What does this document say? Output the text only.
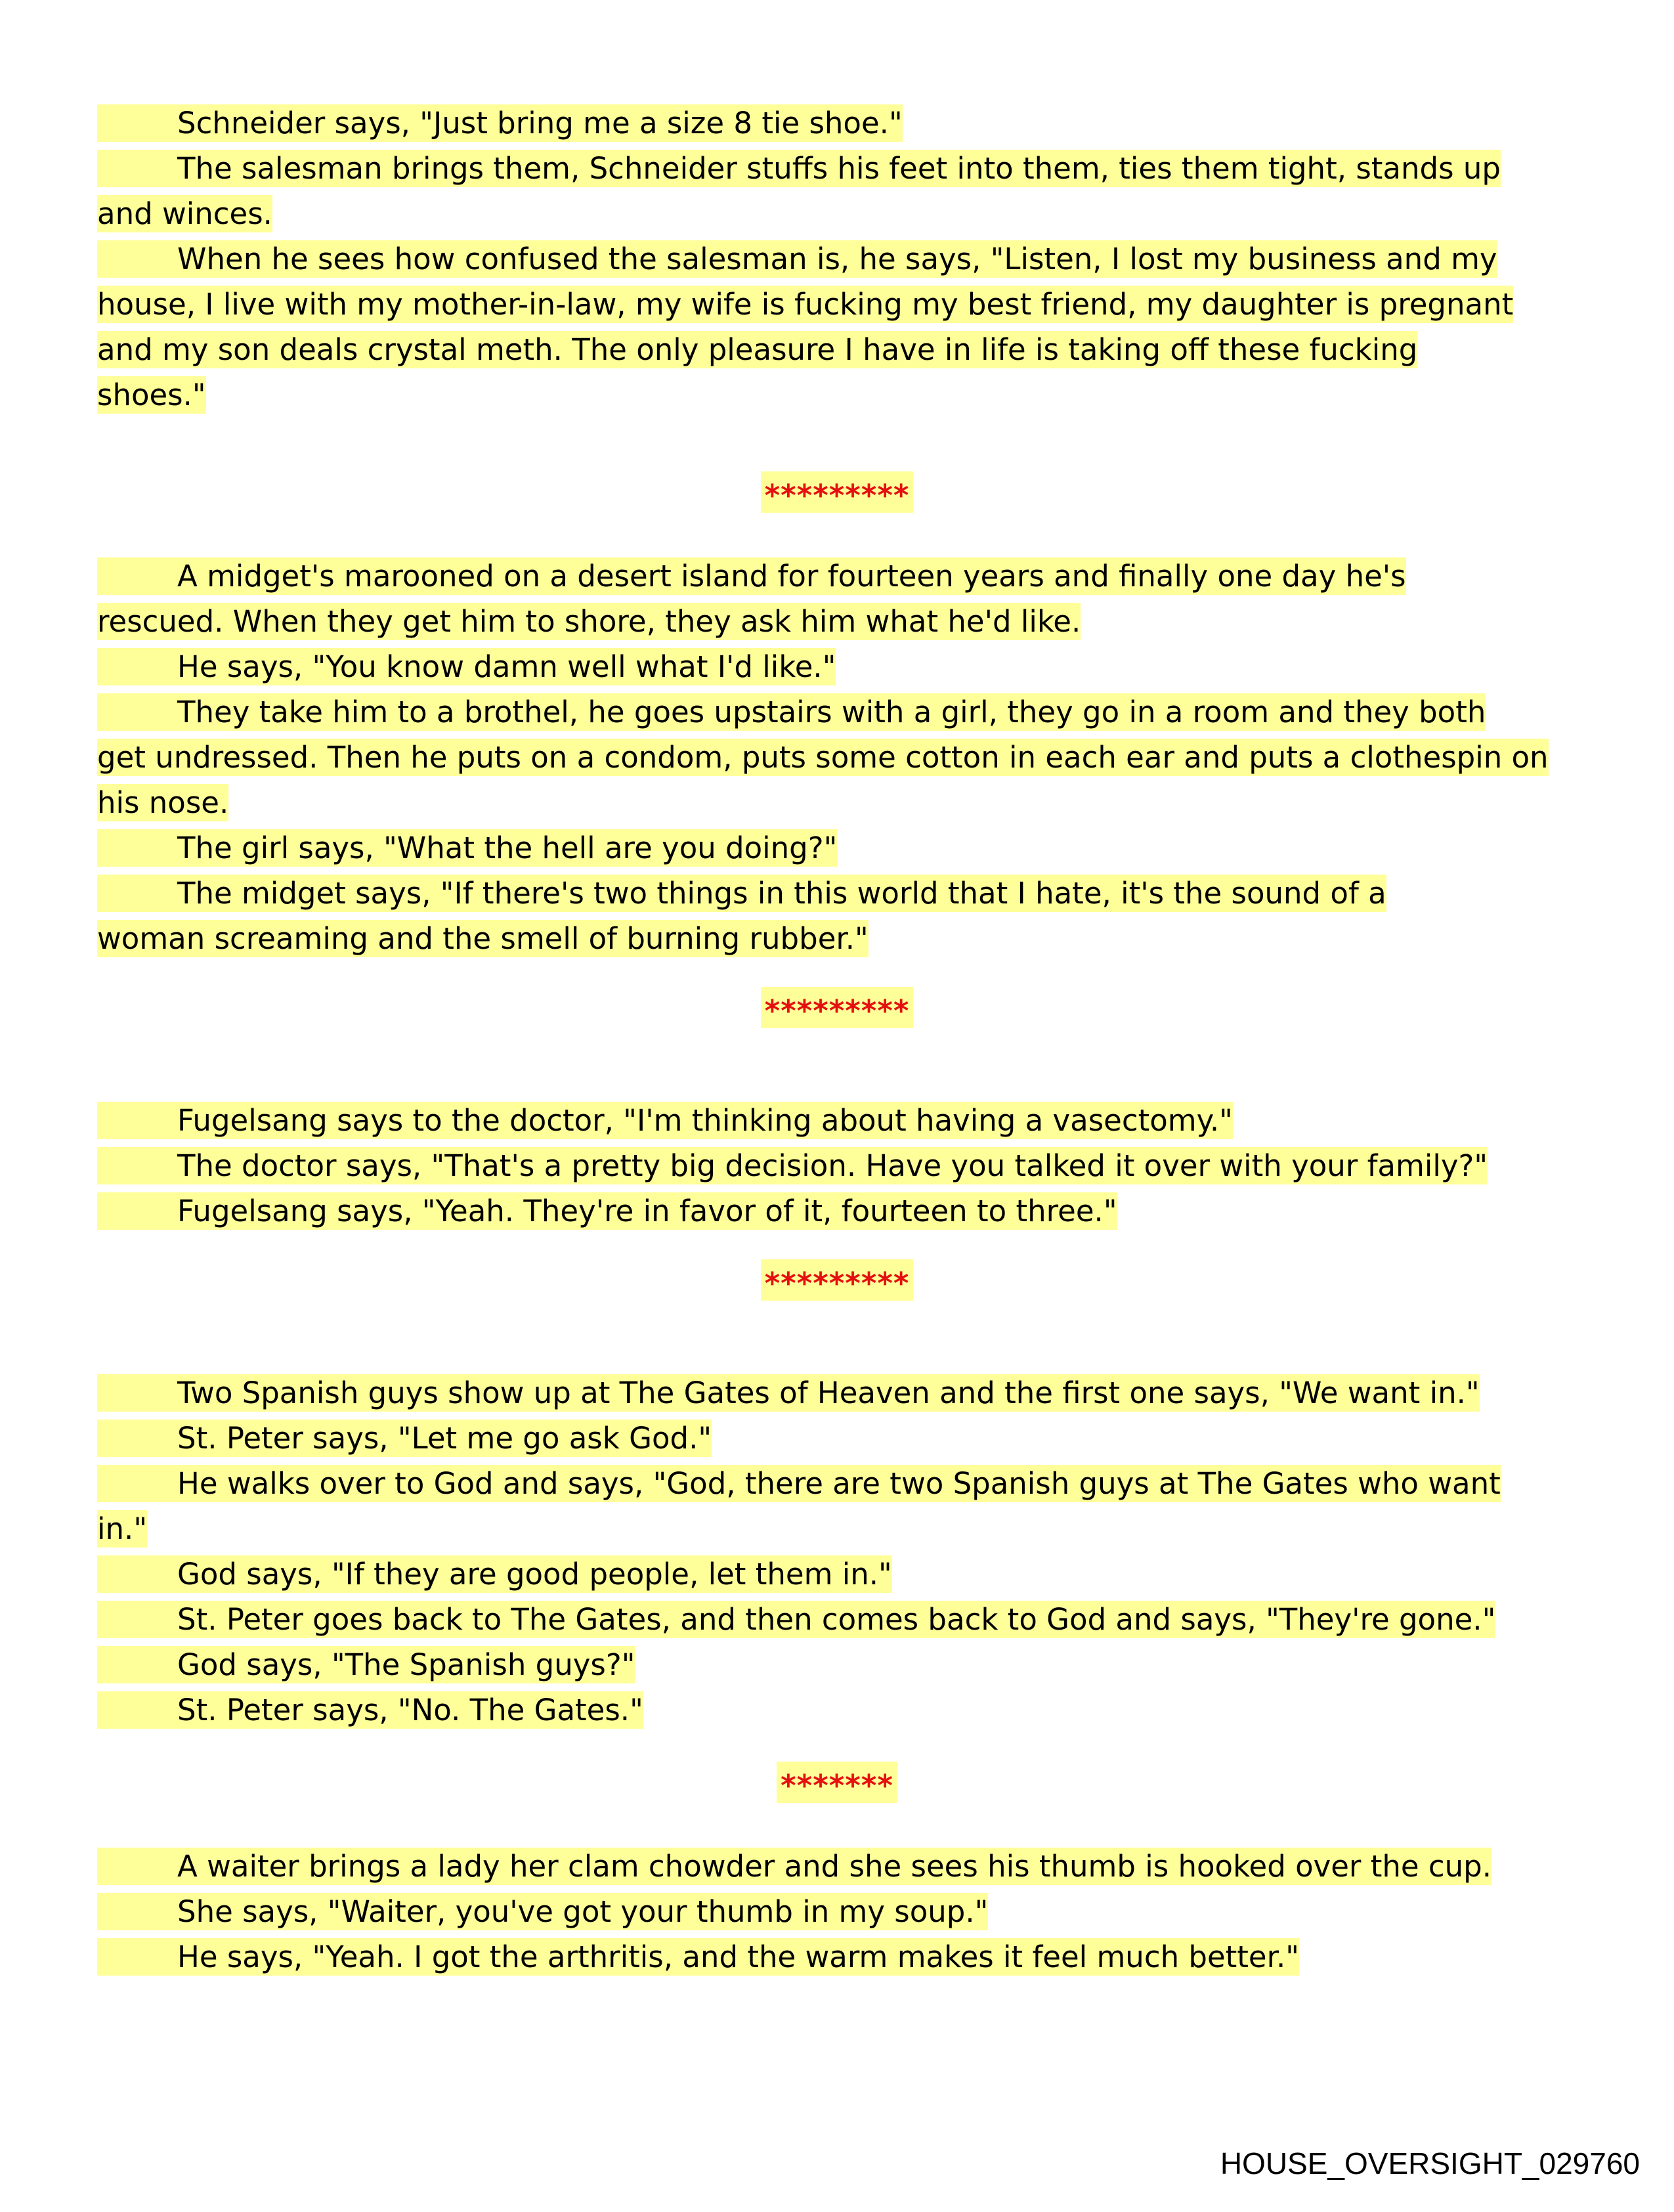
Schneider says, "Just bring me a size 8 tie shoe."
The salesman brings them, Schneider stuffs his feet into them, ties them tight, stands up
and winces.
When he sees how confused the salesman is, he says, "Listen, I lost my business and my
house, I live with my mother-in-law, my wife is fucking my best friend, my daughter is pregnant
and my son deals crystal meth. The only pleasure I have in life is taking off these fucking
shoes."
*********
A midget's marooned on a desert island for fourteen years and finally one day he's
rescued. When they get him to shore, they ask him what he'd like.
He says, "You know damn well what I'd like."
They take him to a brothel, he goes upstairs with a girl, they go in a room and they both
get undressed. Then he puts on a condom, puts some cotton in each ear and puts a clothespin on
his nose.
The girl says, "What the hell are you doing?"
The midget says, "If there's two things in this world that I hate, it's the sound of a
woman screaming and the smell of burning rubber."
*********
Fugelsang says to the doctor, "I'm thinking about having a vasectomy."
The doctor says, "That's a pretty big decision. Have you talked it over with your family?"
Fugelsang says, "Yeah. They're in favor of it, fourteen to three."
*********
Two Spanish guys show up at The Gates of Heaven and the first one says, "We want in."
St. Peter says, "Let me go ask God."
He walks over to God and says, "God, there are two Spanish guys at The Gates who want
in."
God says, "If they are good people, let them in."
St. Peter goes back to The Gates, and then comes back to God and says, "They're gone."
God says, "The Spanish guys?"
St. Peter says, "No. The Gates."
*******
A waiter brings a lady her clam chowder and she sees his thumb is hooked over the cup.
She says, "Waiter, you've got your thumb in my soup."
He says, "Yeah. I got the arthritis, and the warm makes it feel much better."
HOUSE_OVERSIGHT_029760
